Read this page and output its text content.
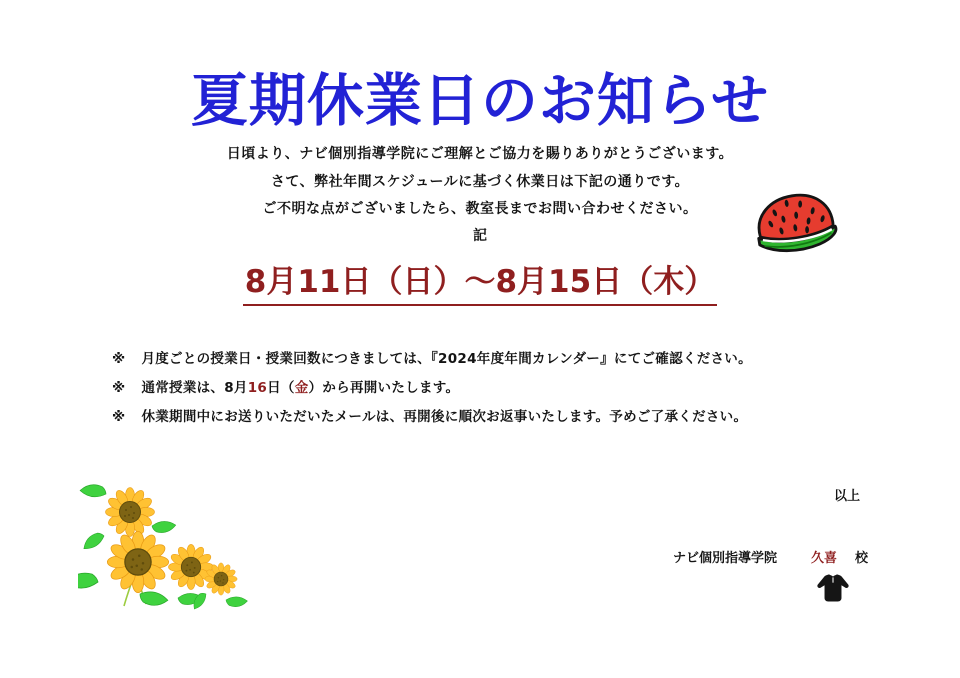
夏期休業日のお知らせ

日頃より、ナビ個別指導学院にご理解とご協力を賜りありがとうございます。

さて、弊社年間スケジュールに基づく休業日は下記の通りです。

ご不明な点がございましたら、教室長までお問い合わせください。

記
8月11日（日）～8月15日（木）
※ 月度ごとの授業日・授業回数につきましては、『2024年度年間カレンダー』にてご確認ください。
※ 通常授業は、8月16日（金）から再開いたします。
※ 休業期間中にお送りいただいたメールは、再開後に順次お返事いたします。予めご了承ください。
以上
ナビ個別指導学院	久喜 校
